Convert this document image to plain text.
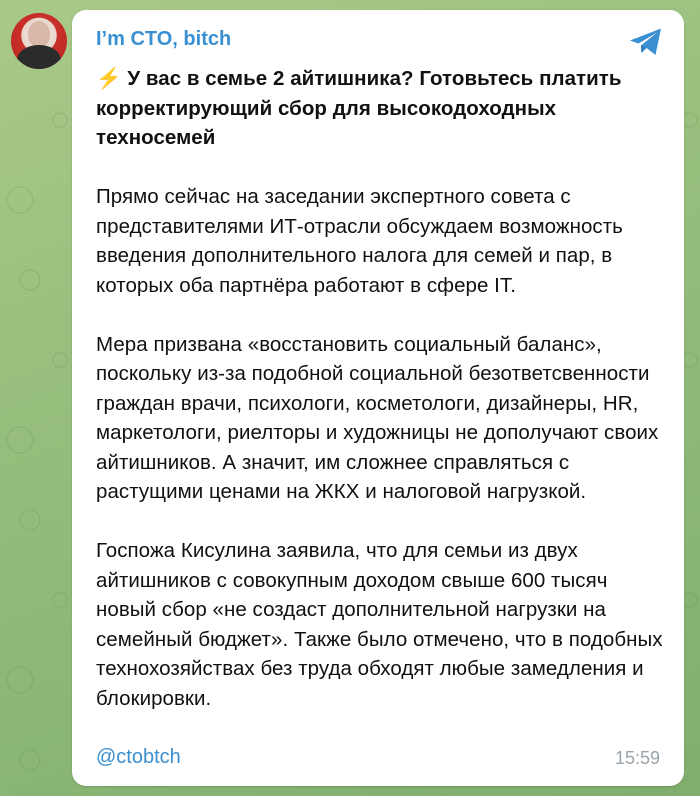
I’m CTO, bitch

⚡ У вас в семье 2 айтишника? Готовьтесь платить корректирующий сбор для высокодоходных техносемей

Прямо сейчас на заседании экспертного совета с представителями ИТ-отрасли обсуждаем возможность введения дополнительного налога для семей и пар, в которых оба партнёра работают в сфере IT.

Мера призвана «восстановить социальный баланс», поскольку из-за подобной социальной безответсвенности граждан врачи, психологи, косметологи, дизайнеры, HR, маркетологи, риелторы и художницы не дополучают своих айтишников. А значит, им сложнее справляться с растущими ценами на ЖКХ и налоговой нагрузкой.

Госпожа Кисулина заявила, что для семьи из двух айтишников с совокупным доходом свыше 600 тысяч новый сбор «не создаст дополнительной нагрузки на семейный бюджет». Также было отмечено, что в подобных технохозяйствах без труда обходят любые замедления и блокировки.

@ctobtch	15:59
